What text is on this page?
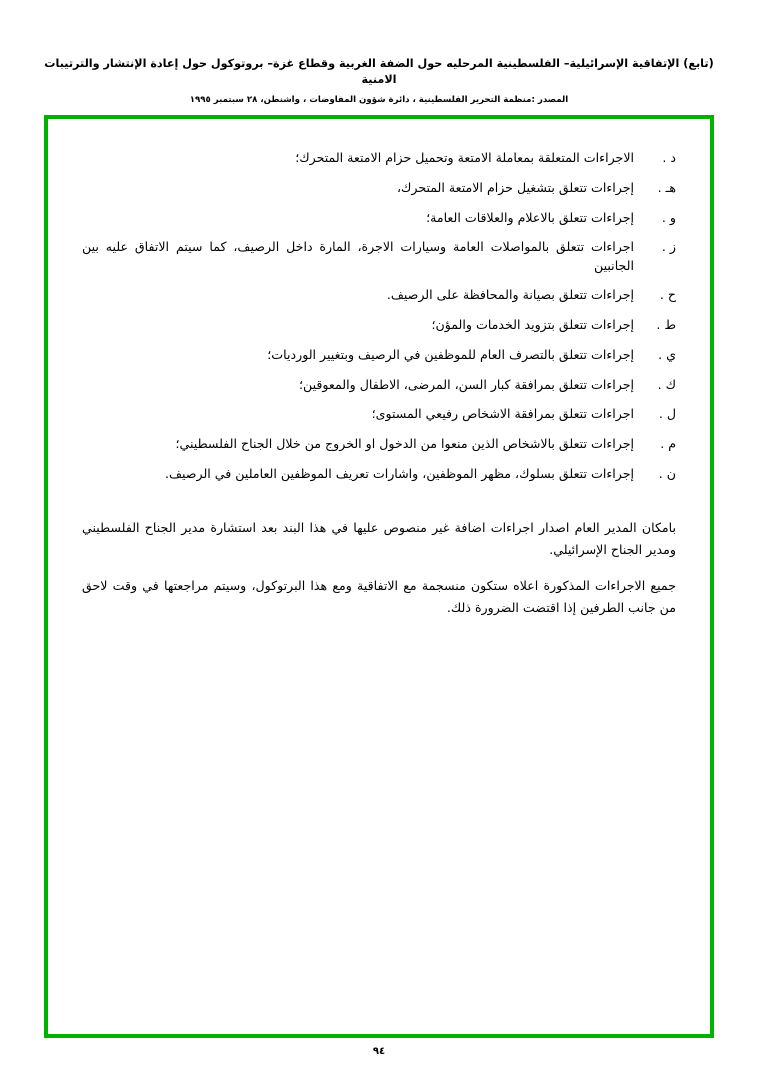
(تابع) الإتفاقية الإسرائيلية– الفلسطينية المرحليه حول الضفة الغربية وقطاع غزة– بروتوكول حول إعادة الإنتشار والترتيبات الامنية
المصدر :منظمة التحرير الفلسطينية ، دائرة شؤون المفاوضات ، واشنطن، ٢٨ سبتمبر ١٩٩٥
د .
الاجراءات المتعلقة بمعاملة الامتعة وتحميل حزام الامتعة المتحرك؛
هـ .
إجراءات تتعلق بتشغيل حزام الامتعة المتحرك،
و .
إجراءات تتعلق بالاعلام والعلاقات العامة؛
ز .
اجراءات تتعلق بالمواصلات العامة وسيارات الاجرة، المارة داخل الرصيف، كما سيتم الاتفاق عليه بين الجانبين
ح .
إجراءات تتعلق بصيانة والمحافظة على الرصيف.
ط .
إجراءات تتعلق بتزويد الخدمات والمؤن؛
ي .
إجراءات تتعلق بالتصرف العام للموظفين في الرصيف وبتغيير الورديات؛
ك .
إجراءات تتعلق بمرافقة كبار السن، المرضى، الاطفال والمعوقين؛
ل .
اجراءات تتعلق بمرافقة الاشخاص رفيعي المستوى؛
م .
إجراءات تتعلق بالاشخاص الذين منعوا من الدخول او الخروج من خلال الجناح الفلسطيني؛
ن .
إجراءات تتعلق بسلوك، مظهر الموظفين، واشارات تعريف الموظفين العاملين في الرصيف.
بامكان المدير العام اصدار اجراءات اضافة غير منصوص عليها في هذا البند بعد استشارة مدير الجناح الفلسطيني ومدير الجناح الإسرائيلي.
جميع الاجراءات المذكورة اعلاه ستكون منسجمة مع الاتفاقية ومع هذا البرتوكول، وسيتم مراجعتها في وقت لاحق من جانب الطرفين إذا اقتضت الضرورة ذلك.
٩٤
